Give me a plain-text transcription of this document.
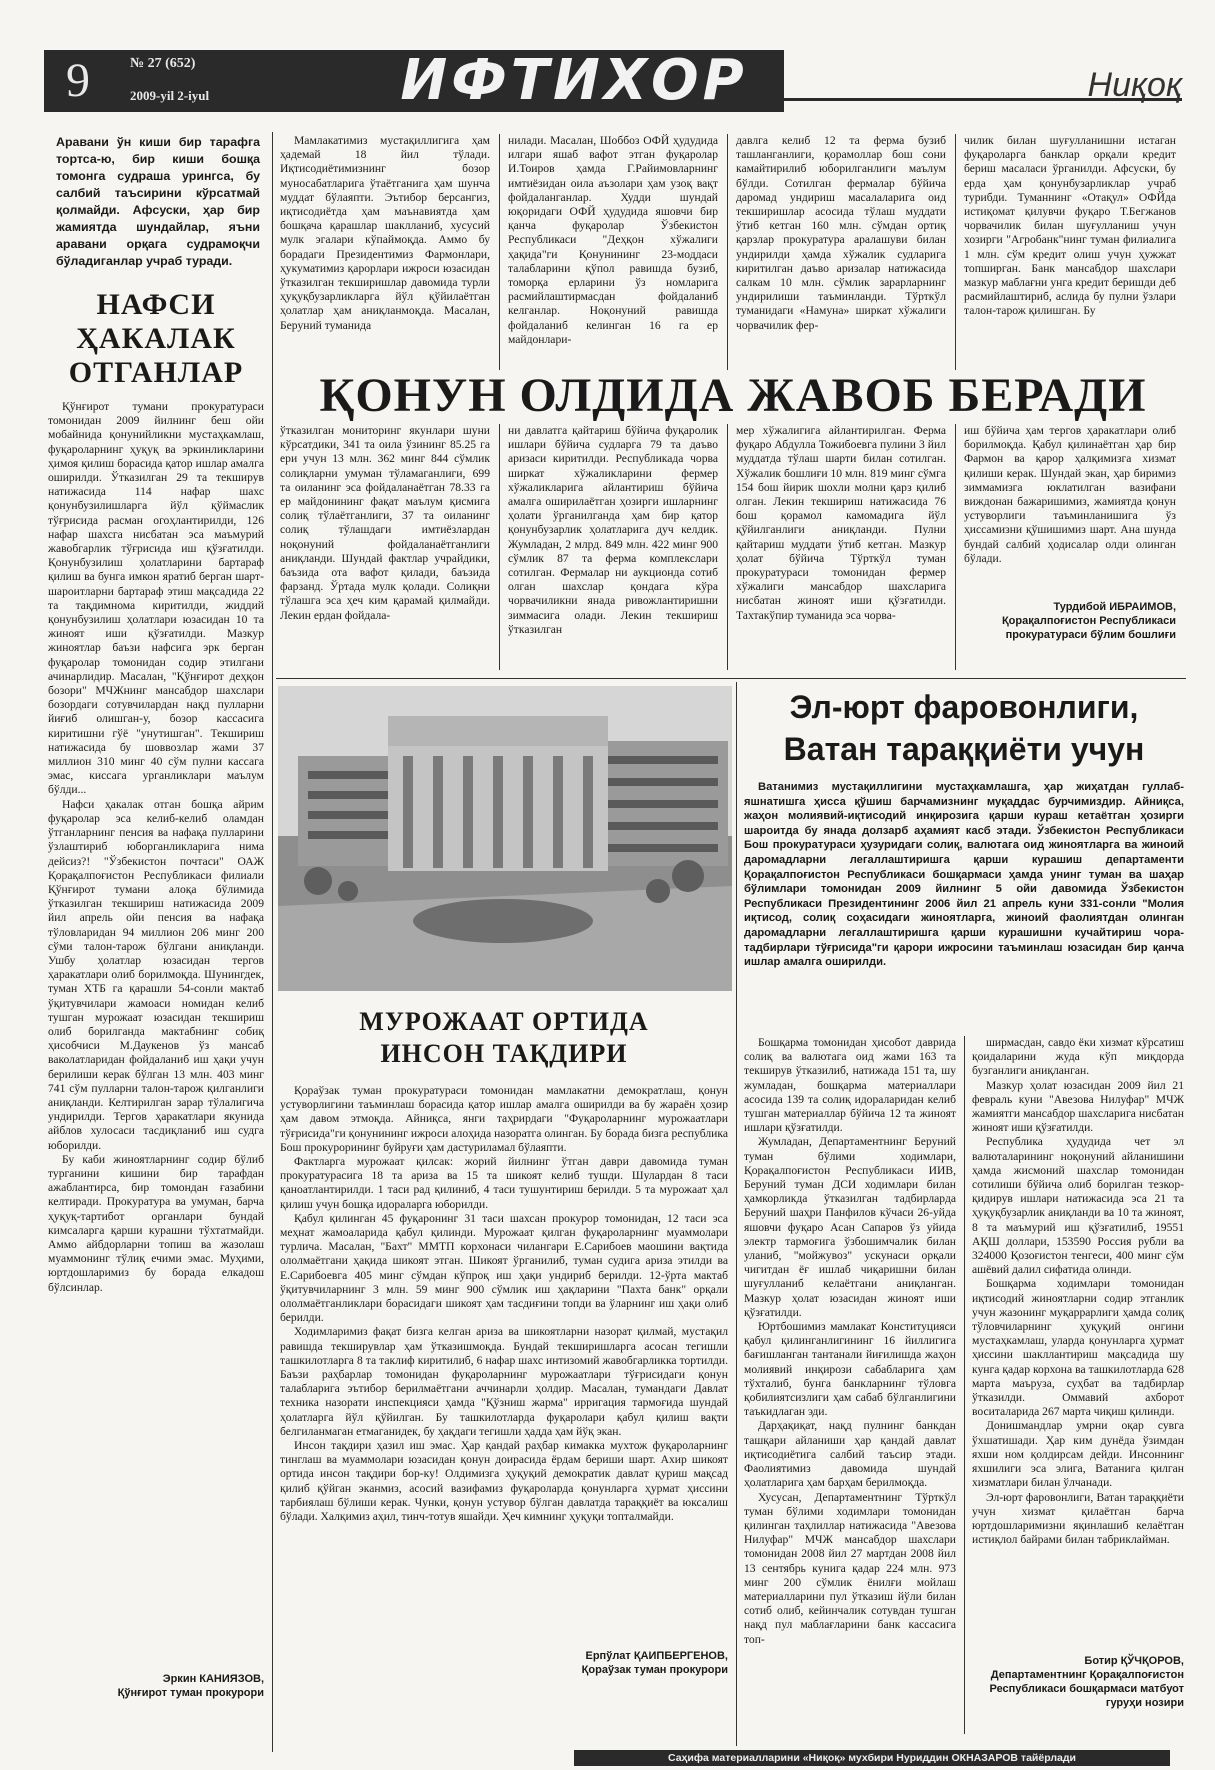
9	№ 27 (652)
2009-yil 2-iyul	ИФТИХОР	Ниқоқ
Аравани ўн киши бир тарафга тортса-ю, бир киши бошқа томонга судраша урингса, бу салбий таъсирини кўрсатмай қолмайди. Афсуски, ҳар бир жамиятда шундайлар, яъни аравани орқага судрамоқчи бўладиганлар учраб туради.
НАФСИ ҲАКАЛАК ОТГАНЛАР

Қўнғирот тумани прокуратураси томонидан 2009 йилнинг беш ойи мобайнида қонунийликни мустаҳкамлаш, фуқароларнинг ҳуқуқ ва эркинликларини ҳимоя қилиш борасида қатор ишлар амалга оширилди. Ўтказилган 29 та текширув натижасида 114 нафар шахс қонунбузилишларга йўл қўймаслик тўғрисида расман огоҳлантирилди, 126 нафар шахсга нисбатан эса маъмурий жавобгарлик тўғрисида иш қўзғатилди. Қонунбузилиш ҳолатларини бартараф қилиш ва бунга имкон яратиб берган шарт-шароитларни бартараф этиш мақсадида 22 та тақдимнома киритилди, жиддий қонунбузилиш ҳолатлари юзасидан 10 та жиноят иши қўзғатилди. Мазкур жиноятлар баъзи нафсига эрк берган фуқаролар томонидан содир этилгани ачинарлидир. Масалан, "Қўнғирот деҳқон бозори" МЧЖнинг мансабдор шахслари бозордаги сотувчилардан нақд пулларни йиғиб олишган-у, бозор кассасига киритишни гўё "унутишган". Текшириш натижасида бу шоввозлар жами 37 миллион 310 минг 40 сўм пулни кассага эмас, киссага урганликлари маълум бўлди...

Нафси ҳакалак отган бошқа айрим фуқаролар эса келиб-келиб оламдан ўтганларнинг пенсия ва нафақа пулларини ўзлаштириб юборганликларига нима дейсиз?! "Ўзбекистон почтаси" ОАЖ Қорақалпоғистон Республикаси филиали Қўнғирот тумани алоқа бўлимида ўтказилган текшириш натижасида 2009 йил апрель ойи пенсия ва нафақа тўловларидан 94 миллион 206 минг 200 сўми талон-тарож бўлгани аниқланди. Ушбу ҳолатлар юзасидан тергов ҳаракатлари олиб борилмоқда. Шунингдек, туман ХТБ га қарашли 54-сонли мактаб ўқитувчилари жамоаси номидан келиб тушган мурожаат юзасидан текшириш олиб борилганда мактабнинг собиқ ҳисобчиси М.Даукенов ўз мансаб ваколатларидан фойдаланиб иш ҳақи учун берилиши керак бўлган 13 млн. 403 минг 741 сўм пулларни талон-тарож қилганлиги аниқланди. Келтирилган зарар тўлалигича ундирилди. Тергов ҳаракатлари якунида айблов хулосаси тасдиқланиб иш судга юборилди.

Бу каби жиноятларнинг содир бўлиб турганини кишини бир тарафдан ажаблантирса, бир томондан ғазабини келтиради. Прокуратура ва умуман, барча ҳуқуқ-тартибот органлари бундай кимсаларга қарши курашни тўхтатмайди. Аммо айбдорларни топиш ва жазолаш муаммонинг тўлиқ ечими эмас. Муҳими, юртдошларимиз бу борада елкадош бўлсинлар.

Эркин КАНИЯЗОВ,
Қўнғирот туман прокурори
Мамлакатимиз мустақиллигига ҳам ҳадемай 18 йил тўлади. Иқтисодиётимизнинг бозор муносабатларига ўтаётганига ҳам шунча муддат бўлаяпти. Эътибор берсангиз, иқтисодиётда ҳам маънавиятда ҳам бошқача қарашлар шаклланиб, хусусий мулк эгалари кўпаймоқда. Аммо бу борадаги Президентимиз Фармонлари, ҳукуматимиз қарорлари ижроси юзасидан ўтказилган текширишлар давомида турли ҳуқуқбузарликларга йўл қўйилаётган ҳолатлар ҳам аниқланмоқда. Масалан, Беруний туманида
нилади. Масалан, Шоббоз ОФЙ ҳудудида илгари яшаб вафот этган фуқаролар И.Тоиров ҳамда Г.Райимовларнинг имтиёзидан оила аъзолари ҳам узоқ вақт фойдаланганлар. Худди шундай юқоридаги ОФЙ ҳудудида яшовчи бир қанча фуқаролар Ўзбекистон Республикаси "Деҳқон хўжалиги ҳақида"ги Қонунининг 23-моддаси талабларини қўпол равишда бузиб, томорқа ерларини ўз номларига расмийлаштирмасдан фойдаланиб келганлар. Ноқонуний равишда фойдаланиб келинган 16 га ер майдонлари-
давлга келиб 12 та ферма бузиб ташланганлиги, қорамоллар бош сони камайтирилиб юборилганлиги маълум бўлди. Сотилган фермалар бўйича даромад ундириш масалаларига оид текширишлар асосида тўлаш муддати ўтиб кетган 160 млн. сўмдан ортиқ қарзлар прокуратура аралашуви билан ундирилди ҳамда хўжалик судларига киритилган даъво аризалар натижасида салкам 10 млн. сўмлик зарарларнинг ундирилиши таъминланди. Тўрткўл туманидаги «Намуна» ширкат хўжалиги чорвачилик фер-
чилик билан шуғулланишни истаган фуқароларга банклар орқали кредит бериш масаласи ўрганилди. Афсуски, бу ерда ҳам қонунбузарликлар учраб турибди. Туманнинг «Отақул» ОФЙда истиқомат қилувчи фуқаро Т.Бегжанов чорвачилик билан шуғулланиш учун хозирги "Агробанк"нинг туман филиалига 1 млн. сўм кредит олиш учун ҳужжат топширган. Банк мансабдор шахслари мазкур маблағни унга кредит беришди деб расмийлаштириб, аслида бу пулни ўзлари талон-тарож қилишган. Бу
ҚОНУН ОЛДИДА ЖАВОБ БЕРАДИ
ўтказилган мониторинг якунлари шуни кўрсатдики, 341 та оила ўзининг 85.25 га ери учун 13 млн. 362 минг 844 сўмлик солиқларни умуман тўламаганлиги, 699 та оиланинг эса фойдаланаётган 78.33 га ер майдонининг фақат маълум қисмига солиқ тўлаётганлиги, 37 та оиланинг солиқ тўлашдаги имтиёзлардан ноқонуний фойдаланаётганлиги аниқланди. Шундай фактлар учрайдики, баъзида ота вафот қилади, баъзида фарзанд. Ўртада мулк қолади. Солиқни тўлашга эса ҳеч ким қарамай қилмайди. Лекин ердан фойдала-
ни давлатга қайтариш бўйича фуқаролик ишлари бўйича судларга 79 та даъво аризаси киритилди. Республикада чорва ширкат хўжаликларини фермер хўжаликларига айлантириш бўйича амалга оширилаётган ҳозирги ишларнинг ҳолати ўрганилганда ҳам бир қатор қонунбузарлик ҳолатларига дуч келдик. Жумладан, 2 млрд. 849 млн. 422 минг 900 сўмлик 87 та ферма комплекслари сотилган. Фермалар ни аукционда сотиб олган шахслар қондага кўра чорвачиликни янада ривожлантиришни зиммасига олади. Лекин текшириш ўтказилган
мер хўжалигига айлантирилган. Ферма фуқаро Абдулла Тожибоевга пулини 3 йил муддатда тўлаш шарти билан сотилган. Хўжалик бошлиғи 10 млн. 819 минг сўмга 154 бош йирик шохли молни қарз қилиб олган. Лекин текшириш натижасида 76 бош қорамол камомадига йўл қўйилганлиги аниқланди. Пулни қайтариш муддати ўтиб кетган. Мазкур ҳолат бўйича Тўрткўл туман прокуратураси томонидан фермер хўжалиги мансабдор шахсларига нисбатан жиноят иши қўзғатилди. Тахтакўпир туманида эса чорва-
иш бўйича ҳам тергов ҳаракатлари олиб борилмоқда. Қабул қилинаётган ҳар бир Фармон ва қарор ҳалқимизга хизмат қилиши керак. Шундай экан, ҳар биримиз зиммамизга юклатилган вазифани виждонан бажаришимиз, жамиятда қонун устуворлиги таъминланишига ўз ҳиссамизни қўшишимиз шарт. Ана шунда бундай салбий ҳодисалар олди олинган бўлади.
Турдибой ИБРАИМОВ,
Қорақалпоғистон Республикаси прокуратураси бўлим бошлиғи
МУРОЖААТ ОРТИДА ИНСОН ТАҚДИРИ

Қораўзак туман прокуратураси томонидан мамлакатни демократлаш, қонун устуворлигини таъминлаш борасида қатор ишлар амалга оширилди ва бу жараён ҳозир ҳам давом этмоқда. Айниқса, янги таҳрирдаги "Фуқароларнинг мурожаатлари тўғрисида"ги қонунининг ижроси алоҳида назоратга олинган. Бу борада бизга республика Бош прокурорининг буйруғи ҳам дастуриламал бўлаяпти.

Фактларга мурожаат қилсак: жорий йилнинг ўтган даври давомида туман прокуратурасига 18 та ариза ва 15 та шикоят келиб тушди. Шулардан 8 таси қаноатлантирилди. 1 таси рад қилиниб, 4 таси тушунтириш берилди. 5 та мурожаат ҳал қилиш учун бошқа идораларга юборилди.

Қабул қилинган 45 фуқаронинг 31 таси шахсан прокурор томонидан, 12 таси эса меҳнат жамоаларида қабул қилинди. Мурожаат қилган фуқароларнинг муаммолари турлича. Масалан, "Бахт" ММТП корхонаси чилангари Е.Сарибоев маошини вақтида ололмаётгани ҳақида шикоят этган. Шикоят ўрганилиб, туман судига ариза этилди ва Е.Сарибоевга 405 минг сўмдан кўпроқ иш ҳақи ундириб берилди. 12-ўрта мактаб ўқитувчиларнинг 3 млн. 59 минг 900 сўмлик иш ҳақларини "Пахта банк" орқали ололмаётганликлари борасидаги шикоят ҳам тасдиғини топди ва ўларнинг иш ҳақи олиб берилди.

Ходимларимиз фақат бизга келган ариза ва шикоятларни назорат қилмай, мустақил равишда текширувлар ҳам ўтказишмоқда. Бундай текширишларга асосан тегишли ташкилотларга 8 та таклиф киритилиб, 6 нафар шахс интизомий жавобгарликка тортилди. Баъзи раҳбарлар томонидан фуқароларнинг мурожаатлари тўғрисидаги қонун талабларига эътибор берилмаётгани аччинарли ҳолдир. Масалан, тумандаги Давлат техника назорати инспекцияси ҳамда "Қўзниш жарма" ирригация тармоғида шундай ҳолатларга йўл қўйилган. Бу ташкилотларда фуқаролари қабул қилиш вақти белгиланмаган етмаганидек, бу ҳақдаги тегишли ҳадда ҳам йўқ экан.

Инсон тақдири ҳазил иш эмас. Ҳар қандай раҳбар кимакка мухтож фуқароларнинг тинглаш ва муаммолари юзасидан қонун доирасида ёрдам бериши шарт. Ахир шикоят ортида инсон тақдири бор-ку! Олдимизга ҳуқуқий демократик давлат қуриш мақсад қилиб қўйган эканмиз, асосий вазифамиз фуқароларда қонунларга ҳурмат ҳиссини тарбиялаш бўлиши керак. Чунки, қонун устувор бўлган давлатда тараққиёт ва юксалиш бўлади. Халқимиз аҳил, тинч-тотув яшайди. Ҳеч кимнинг ҳуқуқи топталмайди.

Ерпўлат ҚАИПБЕРГЕНОВ,
Қораўзак туман прокурори
Эл-юрт фаровонлиги, Ватан тараққиёти учун
Ватанимиз мустақиллигини мустаҳкамлашга, ҳар жиҳатдан гуллаб-яшнатишга ҳисса қўшиш барчамизнинг муқаддас бурчимиздир. Айниқса, жаҳон молиявий-иқтисодий инқирозига қарши кураш кетаётган ҳозирги шароитда бу янада долзарб аҳамият касб этади. Ўзбекистон Республикаси Бош прокуратураси ҳузуридаги солиқ, валютага оид жиноятларга ва жиноий даромадларни легаллаштиришга қарши курашиш департаменти Қорақалпоғистон Республикаси бошқармаси ҳамда унинг туман ва шаҳар бўлимлари томонидан 2009 йилнинг 5 ойи давомида Ўзбекистон Республикаси Президентининг 2006 йил 21 апрель куни 331-сонли "Молия иқтисод, солиқ соҳасидаги жиноятларга, жиноий фаолиятдан олинган даромадларни легаллаштиришга қарши курашишни кучайтириш чора-тадбирлари тўғрисида"ги қарори ижросини таъминлаш юзасидан бир қанча ишлар амалга оширилди.

Бошқарма томонидан ҳисобот даврида солиқ ва валютага оид жами 163 та текширув ўтказилиб, натижада 151 та, шу жумладан, бошқарма материаллари асосида 139 та солиқ идораларидан келиб тушган материаллар бўйича 12 та жиноят ишлари қўзғатилди.

Жумладан, Департаментнинг Беруний туман бўлими ходимлари, Қорақалпоғистон Республикаси ИИВ, Беруний туман ДСИ ходимлари билан ҳамкорликда ўтказилган тадбирларда Беруний шаҳри Панфилов кўчаси 26-уйда яшовчи фуқаро Асан Сапаров ўз уйида электр тармоғига ўзбошимчалик билан уланиб, "мойжувоз" ускунаси орқали чигитдан ёғ ишлаб чиқаришни билан шуғулланиб келаётгани аниқланган. Мазкур ҳолат юзасидан жиноят иши қўзғатилди.

Юртбошимиз мамлакат Конституцияси қабул қилинганлигининг 16 йиллигига бағишланган тантанали йиғилишда жаҳон молиявий инқирози сабабларига ҳам тўхталиб, бунга банкларнинг тўловга қобилиятсизлиги ҳам сабаб бўлганлигини таъкидлаган эди.

Дарҳақиқат, нақд пулнинг банкдан ташқари айланиши ҳар қандай давлат иқтисодиётига салбий таъсир этади. Фаолиятимиз давомида шундай ҳолатларига ҳам барҳам берилмоқда.

Хусусан, Департаментнинг Тўрткўл туман бўлими ходимлари томонидан қилинган таҳлиллар натижасида "Авезова Нилуфар" МЧЖ мансабдор шахслари томонидан 2008 йил 27 мартдан 2008 йил 13 сентябрь кунига қадар 224 млн. 973 минг 200 сўмлик ёнилғи мойлаш материалларини пул ўтказиш йўли билан сотиб олиб, кейинчалик сотувдан тушган нақд пул маблағларини банк кассасига топ-

ширмасдан, савдо ёки хизмат кўрсатиш қоидаларини жуда кўп миқдорда бузганлиги аниқланган.

Мазкур ҳолат юзасидан 2009 йил 21 февраль куни "Авезова Нилуфар" МЧЖ жамиятги мансабдор шахсларига нисбатан жиноят иши қўзғатилди.

Республика ҳудудида чет эл валюталарининг ноқонуний айланишини ҳамда жисмоний шахслар томонидан сотилиши бўйича олиб борилган тезкор-қидирув ишлари натижасида эса 21 та ҳуқуқбузарлик аниқланди ва 10 та жиноят, 8 та маъмурий иш қўзғатилиб, 19551 АҚШ доллари, 153590 Россия рубли ва 324000 Қозоғистон тенгеси, 400 минг сўм ашёвий далил сифатида олинди.

Бошқарма ходимлари томонидан иқтисодий жиноятларни содир этганлик учун жазонинг муқаррарлиги ҳамда солиқ тўловчиларнинг ҳуқуқий онгини мустаҳкамлаш, уларда қонунларга ҳурмат ҳиссини шакллантириш мақсадида шу кунга қадар корхона ва ташкилотларда 628 марта маъруза, суҳбат ва тадбирлар ўтказилди. Оммавий ахборот воситаларида 267 марта чиқиш қилинди.

Донишмандлар умрни оқар сувга ўхшатишади. Ҳар ким дунёда ўзимдан яхши ном қолдирсам дейди. Инсоннинг яхшилиги эса элига, Ватанига қилган хизматлари билан ўлчанади.

Эл-юрт фаровонлиги, Ватан тараққиёти учун хизмат қилаётган барча юртдошларимизни яқинлашиб келаётган истиқлол байрами билан табриклайман.

Ботир ҚЎЧҚОРОВ,
Департаментнинг Қорақалпоғистон Республикаси бошқармаси матбуот гуруҳи нозири
Саҳифа материалларини «Ниқоқ» мухбири Нуриддин ОКНАЗАРОВ тайёрлади
